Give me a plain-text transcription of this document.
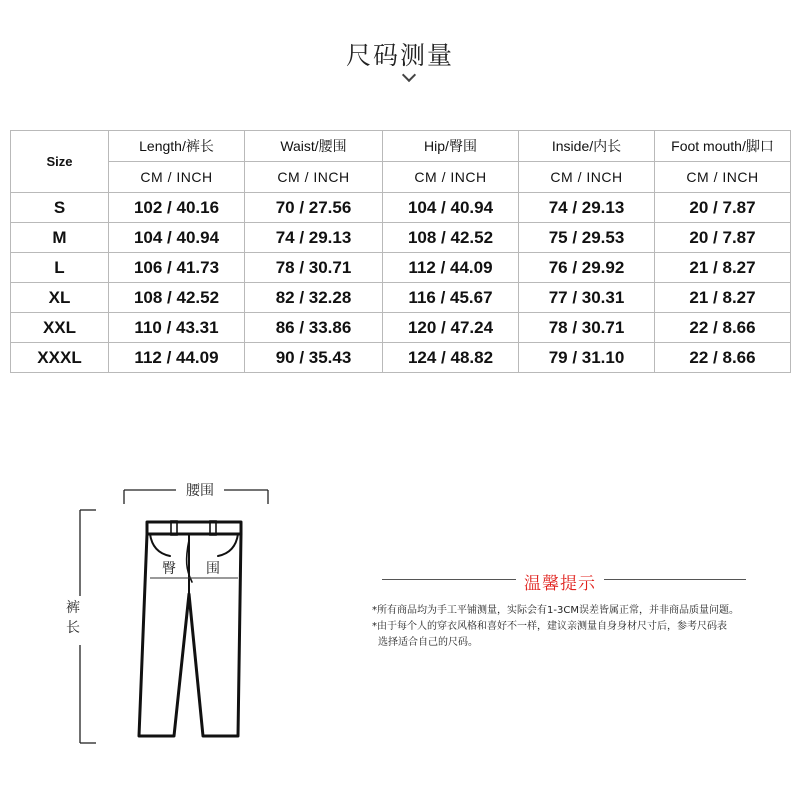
尺码测量
Size	Length/裤长	Waist/腰围	Hip/臀围	Inside/内长	Foot mouth/脚口
	CM / INCH	CM / INCH	CM / INCH	CM / INCH	CM / INCH
S	102 / 40.16	70 / 27.56	104 / 40.94	74 / 29.13	20 / 7.87
M	104 / 40.94	74 / 29.13	108 / 42.52	75 / 29.53	20 / 7.87
L	106 / 41.73	78 / 30.71	112 / 44.09	76 / 29.92	21 / 8.27
XL	108 / 42.52	82 / 32.28	116 / 45.67	77 / 30.31	21 / 8.27
XXL	110 / 43.31	86 / 33.86	120 / 47.24	78 / 30.71	22 / 8.66
XXXL	112 / 44.09	90 / 35.43	124 / 48.82	79 / 31.10	22 / 8.66
腰围
裤
长
臀 围
温馨提示
*所有商品均为手工平铺测量，实际会有1-3CM误差皆属正常，并非商品质量问题。
*由于每个人的穿衣风格和喜好不一样，建议亲测量自身身材尺寸后，参考尺码表
选择适合自己的尺码。
